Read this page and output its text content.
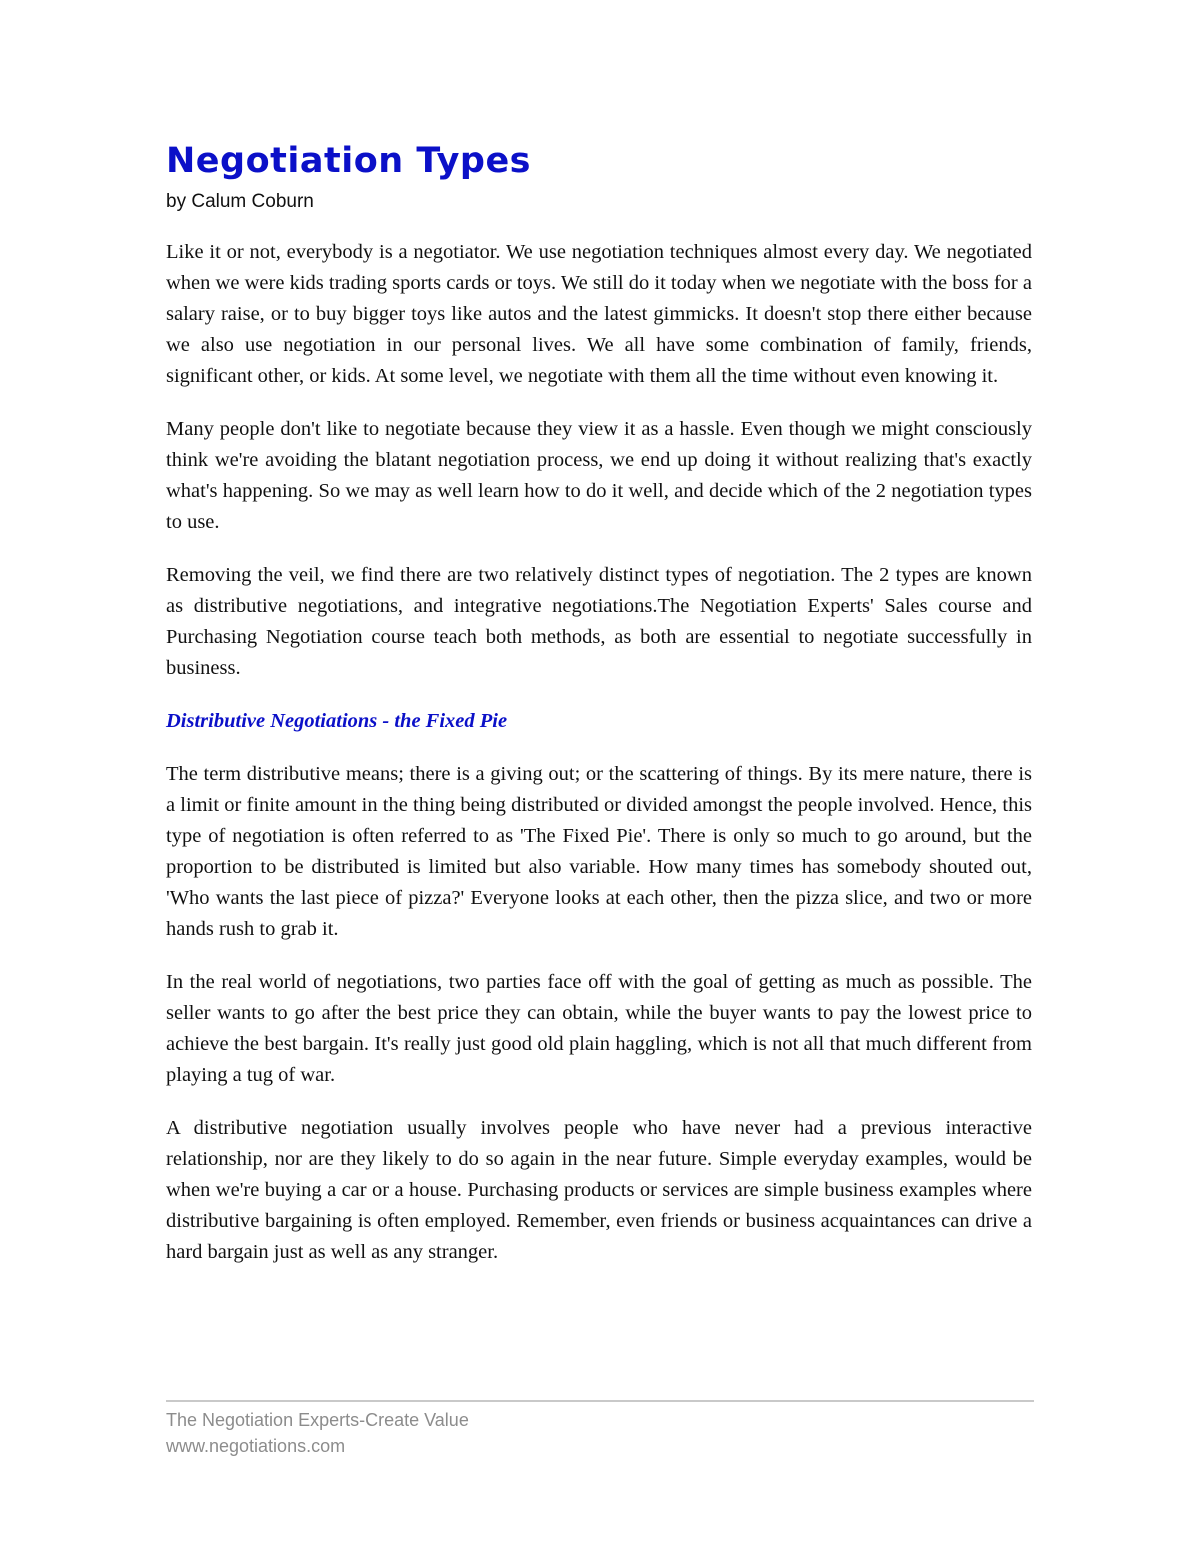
Negotiation Types
by Calum Coburn

Like it or not, everybody is a negotiator. We use negotiation techniques almost every day. We negotiated when we were kids trading sports cards or toys. We still do it today when we negotiate with the boss for a salary raise, or to buy bigger toys like autos and the latest gimmicks. It doesn't stop there either because we also use negotiation in our personal lives. We all have some combination of family, friends, significant other, or kids. At some level, we negotiate with them all the time without even knowing it.

Many people don't like to negotiate because they view it as a hassle. Even though we might consciously think we're avoiding the blatant negotiation process, we end up doing it without realizing that's exactly what's happening. So we may as well learn how to do it well, and decide which of the 2 negotiation types to use.

Removing the veil, we find there are two relatively distinct types of negotiation. The 2 types are known as distributive negotiations, and integrative negotiations.The Negotiation Experts' Sales course and Purchasing Negotiation course teach both methods, as both are essential to negotiate successfully in business.

Distributive Negotiations - the Fixed Pie

The term distributive means; there is a giving out; or the scattering of things. By its mere nature, there is a limit or finite amount in the thing being distributed or divided amongst the people involved. Hence, this type of negotiation is often referred to as 'The Fixed Pie'. There is only so much to go around, but the proportion to be distributed is limited but also variable. How many times has somebody shouted out, 'Who wants the last piece of pizza?' Everyone looks at each other, then the pizza slice, and two or more hands rush to grab it.

In the real world of negotiations, two parties face off with the goal of getting as much as possible. The seller wants to go after the best price they can obtain, while the buyer wants to pay the lowest price to achieve the best bargain. It's really just good old plain haggling, which is not all that much different from playing a tug of war.

A distributive negotiation usually involves people who have never had a previous interactive relationship, nor are they likely to do so again in the near future. Simple everyday examples, would be when we're buying a car or a house. Purchasing products or services are simple business examples where distributive bargaining is often employed. Remember, even friends or business acquaintances can drive a hard bargain just as well as any stranger.

The Negotiation Experts-Create Value
www.negotiations.com
